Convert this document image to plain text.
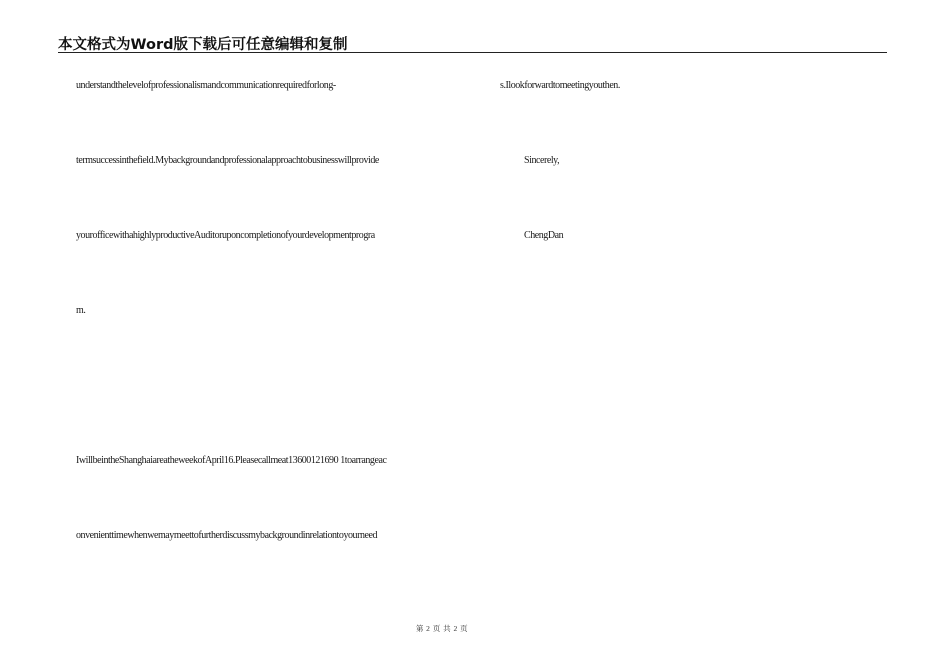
本文格式为Word版下载后可任意编辑和复制
understandthelevelofprofessionalismandcommunicationrequiredforlong-
termsuccessinthefield.Mybackgroundandprofessionalapproachtobusinesswillprovide
yourofficewithahighlyproductiveAuditoruponcompletionofyourdevelopmentprogra
m.
IwillbeintheShanghaiareatheweekofApril16.Pleasecallmeat13600121690 1toarrangeac
onvenienttimewhenwemaymeettofurtherdiscussmybackgroundinrelationtoyourneed
s.Ilookforwardtomeetingyouthen.
Sincerely,
ChengDan
第 2 页 共 2 页
